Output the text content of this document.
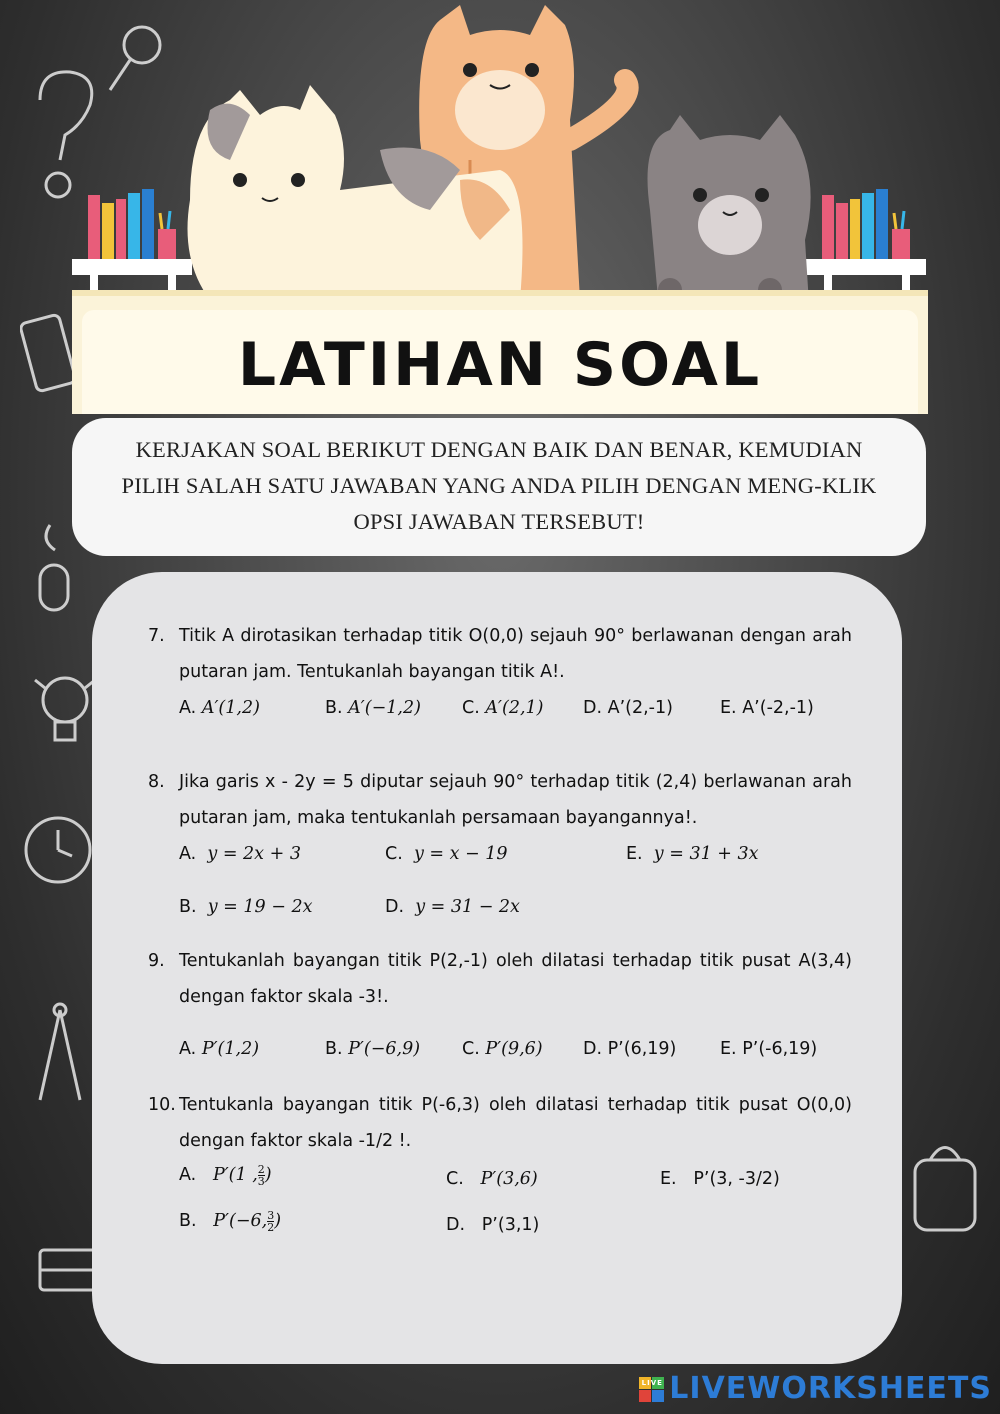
LATIHAN SOAL
KERJAKAN SOAL BERIKUT DENGAN BAIK DAN BENAR, KEMUDIAN PILIH SALAH SATU JAWABAN YANG ANDA PILIH DENGAN MENG-KLIK OPSI JAWABAN TERSEBUT!
7. Titik A dirotasikan terhadap titik O(0,0) sejauh 90° berlawanan dengan arah putaran jam. Tentukanlah bayangan titik A!.
A. A′(1,2)	B. A′(−1,2) C. A′(2,1) D. A’(2,-1)	E. A’(-2,-1)
8. Jika garis x - 2y = 5 diputar sejauh 90° terhadap titik (2,4) berlawanan arah putaran jam, maka tentukanlah persamaan bayangannya!.
A. y = 2x + 3	C. y = x − 19	E. y = 31 + 3x
B. y = 19 − 2x	D. y = 31 − 2x
9. Tentukanlah bayangan titik P(2,-1) oleh dilatasi terhadap titik pusat A(3,4) dengan faktor skala -3!.
A. P′(1,2)	B. P′(−6,9) C. P′(9,6) D. P’(6,19) E. P’(-6,19)
10. Tentukanla bayangan titik P(-6,3) oleh dilatasi terhadap titik pusat O(0,0) dengan faktor skala -1/2 !.
A. P′(1 , $\frac{2}{3}$ )	C. P′(3,6)	E. P’(3, -3/2)
B. P′(−6, $\frac{3}{2}$ )	D. P’(3,1)
LIVE LIVEWORKSHEETS
